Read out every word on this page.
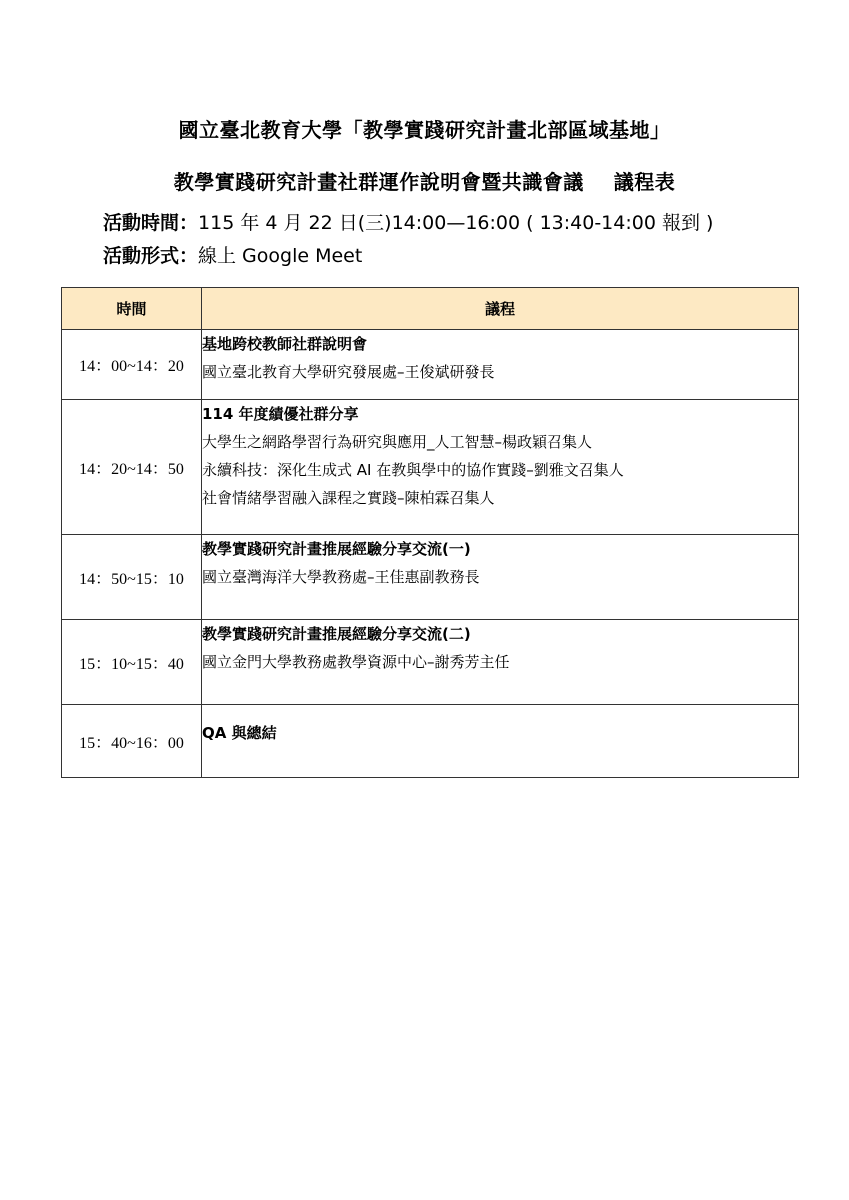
國立臺北教育大學「教學實踐研究計畫北部區域基地」
教學實踐研究計畫社群運作說明會暨共識會議 議程表
活動時間：115 年 4 月 22 日(三)14:00—16:00 ( 13:40-14:00 報到 )
活動形式：線上 Google Meet
時間	議程
14：00~14：20	基地跨校教師社群說明會
國立臺北教育大學研究發展處–王俊斌研發長

14：20~14：50	114 年度績優社群分享
大學生之網路學習行為研究與應用_人工智慧–楊政穎召集人
永續科技：深化生成式 AI 在教與學中的協作實踐–劉雅文召集人
社會情緒學習融入課程之實踐–陳柏霖召集人

14：50~15：10	教學實踐研究計畫推展經驗分享交流(一)
國立臺灣海洋大學教務處–王佳惠副教務長

15：10~15：40	教學實踐研究計畫推展經驗分享交流(二)
國立金門大學教務處教學資源中心–謝秀芳主任

15：40~16：00	QA 與總結
